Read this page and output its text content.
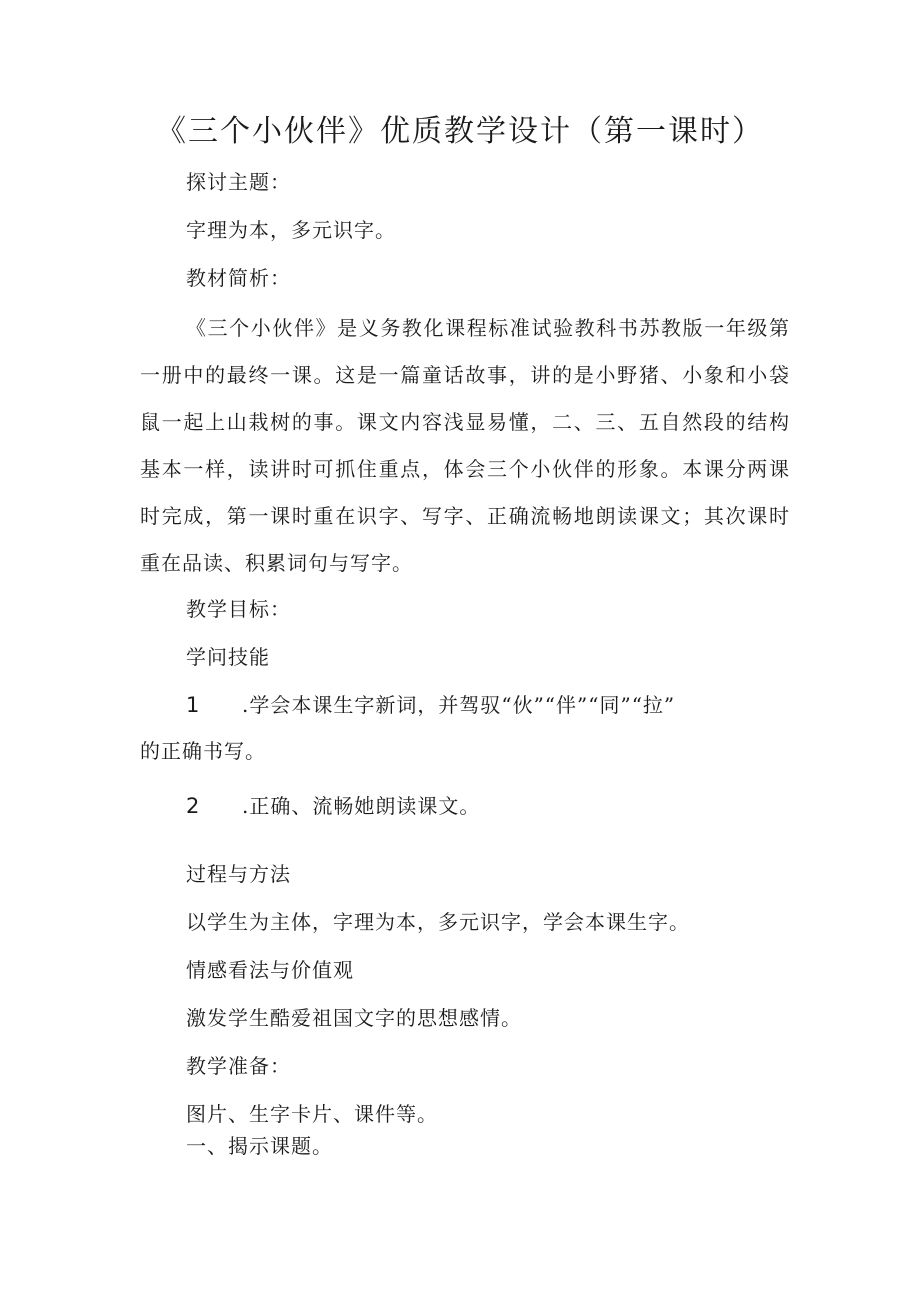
《三个小伙伴》优质教学设计（第一课时）
探讨主题：
字理为本，多元识字。
教材简析：
《三个小伙伴》是义务教化课程标准试验教科书苏教版一年级第一册中的最终一课。这是一篇童话故事，讲的是小野猪、小象和小袋鼠一起上山栽树的事。课文内容浅显易懂，二、三、五自然段的结构基本一样，读讲时可抓住重点，体会三个小伙伴的形象。本课分两课时完成，第一课时重在识字、写字、正确流畅地朗读课文；其次课时重在品读、积累词句与写字。
教学目标：
学问技能
1 .学会本课生字新词，并驾驭“伙”“伴”“同”“拉”
的正确书写。
2 .正确、流畅她朗读课文。
过程与方法
以学生为主体，字理为本，多元识字，学会本课生字。
情感看法与价值观
激发学生酷爱祖国文字的思想感情。
教学准备：
图片、生字卡片、课件等。
一、揭示课题。
